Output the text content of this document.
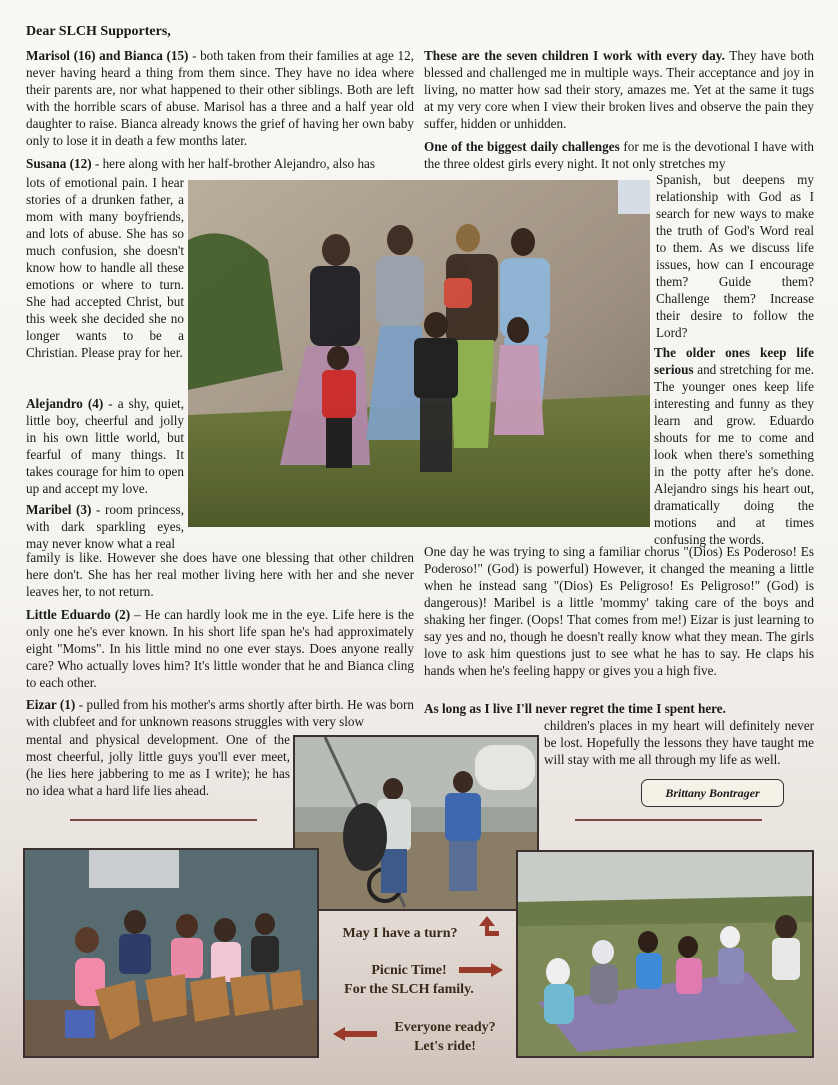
Dear SLCH Supporters,

Marisol (16) and Bianca (15) - both taken from their families at age 12, never having heard a thing from them since. They have no idea where their parents are, nor what happened to their other siblings. Both are left with the horrible scars of abuse. Marisol has a three and a half year old daughter to raise. Bianca already knows the grief of having her own baby only to lose it in death a few months later.

Susana (12) - here along with her half-brother Alejandro, also has

lots of emotional pain. I hear stories of a drunken father, a mom with many boyfriends, and lots of abuse. She has so much confusion, she doesn't know how to handle all these emotions or where to turn. She had accepted Christ, but this week she decided she no longer wants to be a Christian. Please pray for her.

Alejandro (4) - a shy, quiet, little boy, cheerful and jolly in his own little world, but fearful of many things. It takes courage for him to open up and accept my love.

Maribel (3) - room princess, with dark sparkling eyes, may never know what a real

family is like. However she does have one blessing that other children here don't. She has her real mother living here with her and she never leaves her, to not return.

Little Eduardo (2) – He can hardly look me in the eye. Life here is the only one he's ever known. In his short life span he's had approximately eight "Moms". In his little mind no one ever stays. Does anyone really care? Who actually loves him? It's little wonder that he and Bianca cling to each other.

Eizar (1) - pulled from his mother's arms shortly after birth. He was born with clubfeet and for unknown reasons struggles with very slow

mental and physical development. One of the most cheerful, jolly little guys you'll ever meet, (he lies here jabbering to me as I write); he has no idea what a hard life lies ahead.

These are the seven children I work with every day. They have both blessed and challenged me in multiple ways. Their acceptance and joy in living, no matter how sad their story, amazes me. Yet at the same it tugs at my very core when I view their broken lives and observe the pain they suffer, hidden or unhidden.

One of the biggest daily challenges for me is the devotional I have with the three oldest girls every night. It not only stretches my

Spanish, but deepens my relationship with God as I search for new ways to make the truth of God's Word real to them. As we discuss life issues, how can I encourage them? Guide them? Challenge them? Increase their desire to follow the Lord?

The older ones keep life serious and stretching for me. The younger ones keep life interesting and funny as they learn and grow. Eduardo shouts for me to come and look when there's something in the potty after he's done. Alejandro sings his heart out, dramatically doing the motions and at times confusing the words.

One day he was trying to sing a familiar chorus "(Dios) Es Poderoso! Es Poderoso!" (God) is powerful) However, it changed the meaning a little when he instead sang "(Dios) Es Peligroso! Es Peligroso!" (God) is dangerous)! Maribel is a little 'mommy' taking care of the boys and shaking her finger. (Oops! That comes from me!) Eizar is just learning to say yes and no, though he doesn't really know what they mean. The girls love to ask him questions just to see what he has to say. He claps his hands when he's feeling happy or gives you a high five.

As long as I live I'll never regret the time I spent here.

children's places in my heart will definitely never be lost. Hopefully the lessons they have taught me will stay with me all through my life as well.

Brittany Bontrager
May I have a turn?
Picnic Time!
For the SLCH family.
Everyone ready?
Let's ride!
